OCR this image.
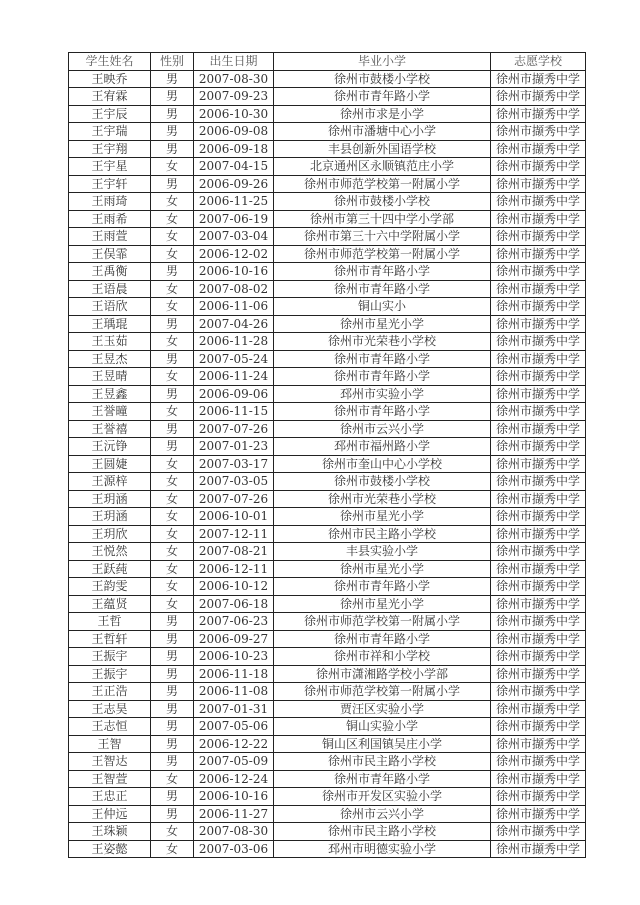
学生姓名	性别	出生日期	毕业小学	志愿学校
王映乔	男	2007-08-30	徐州市鼓楼小学校	徐州市撷秀中学
王宥霖	男	2007-09-23	徐州市青年路小学	徐州市撷秀中学
王宇辰	男	2006-10-30	徐州市求是小学	徐州市撷秀中学
王宇瑞	男	2006-09-08	徐州市潘塘中心小学	徐州市撷秀中学
王宇翔	男	2006-09-18	丰县创新外国语学校	徐州市撷秀中学
王宇星	女	2007-04-15	北京通州区永顺镇范庄小学	徐州市撷秀中学
王宇轩	男	2006-09-26	徐州市师范学校第一附属小学	徐州市撷秀中学
王雨琦	女	2006-11-25	徐州市鼓楼小学校	徐州市撷秀中学
王雨希	女	2007-06-19	徐州市第三十四中学小学部	徐州市撷秀中学
王雨萱	女	2007-03-04	徐州市第三十六中学附属小学	徐州市撷秀中学
王俣霏	女	2006-12-02	徐州市师范学校第一附属小学	徐州市撷秀中学
王禹衡	男	2006-10-16	徐州市青年路小学	徐州市撷秀中学
王语晨	女	2007-08-02	徐州市青年路小学	徐州市撷秀中学
王语欣	女	2006-11-06	铜山实小	徐州市撷秀中学
王瑀琨	男	2007-04-26	徐州市星光小学	徐州市撷秀中学
王玉茹	女	2006-11-28	徐州市光荣巷小学校	徐州市撷秀中学
王昱杰	男	2007-05-24	徐州市青年路小学	徐州市撷秀中学
王昱晴	女	2006-11-24	徐州市青年路小学	徐州市撷秀中学
王昱鑫	男	2006-09-06	邳州市实验小学	徐州市撷秀中学
王誉曈	女	2006-11-15	徐州市青年路小学	徐州市撷秀中学
王誉禧	男	2007-07-26	徐州市云兴小学	徐州市撷秀中学
王沅铮	男	2007-01-23	邳州市福州路小学	徐州市撷秀中学
王圆婕	女	2007-03-17	徐州市奎山中心小学校	徐州市撷秀中学
王源梓	女	2007-03-05	徐州市鼓楼小学校	徐州市撷秀中学
王玥涵	女	2007-07-26	徐州市光荣巷小学校	徐州市撷秀中学
王玥涵	女	2006-10-01	徐州市星光小学	徐州市撷秀中学
王玥欣	女	2007-12-11	徐州市民主路小学校	徐州市撷秀中学
王悦然	女	2007-08-21	丰县实验小学	徐州市撷秀中学
王跃莼	女	2006-12-11	徐州市星光小学	徐州市撷秀中学
王韵雯	女	2006-10-12	徐州市青年路小学	徐州市撷秀中学
王蕴贤	女	2007-06-18	徐州市星光小学	徐州市撷秀中学
王哲	男	2007-06-23	徐州市师范学校第一附属小学	徐州市撷秀中学
王哲轩	男	2006-09-27	徐州市青年路小学	徐州市撷秀中学
王振宇	男	2006-10-23	徐州市祥和小学校	徐州市撷秀中学
王振宇	男	2006-11-18	徐州市潇湘路学校小学部	徐州市撷秀中学
王正浩	男	2006-11-08	徐州市师范学校第一附属小学	徐州市撷秀中学
王志昊	男	2007-01-31	贾汪区实验小学	徐州市撷秀中学
王志恒	男	2007-05-06	铜山实验小学	徐州市撷秀中学
王智	男	2006-12-22	铜山区利国镇吴庄小学	徐州市撷秀中学
王智达	男	2007-05-09	徐州市民主路小学校	徐州市撷秀中学
王智萱	女	2006-12-24	徐州市青年路小学	徐州市撷秀中学
王忠正	男	2006-10-16	徐州市开发区实验小学	徐州市撷秀中学
王仲远	男	2006-11-27	徐州市云兴小学	徐州市撷秀中学
王珠颖	女	2007-08-30	徐州市民主路小学校	徐州市撷秀中学
王姿懿	女	2007-03-06	邳州市明德实验小学	徐州市撷秀中学
